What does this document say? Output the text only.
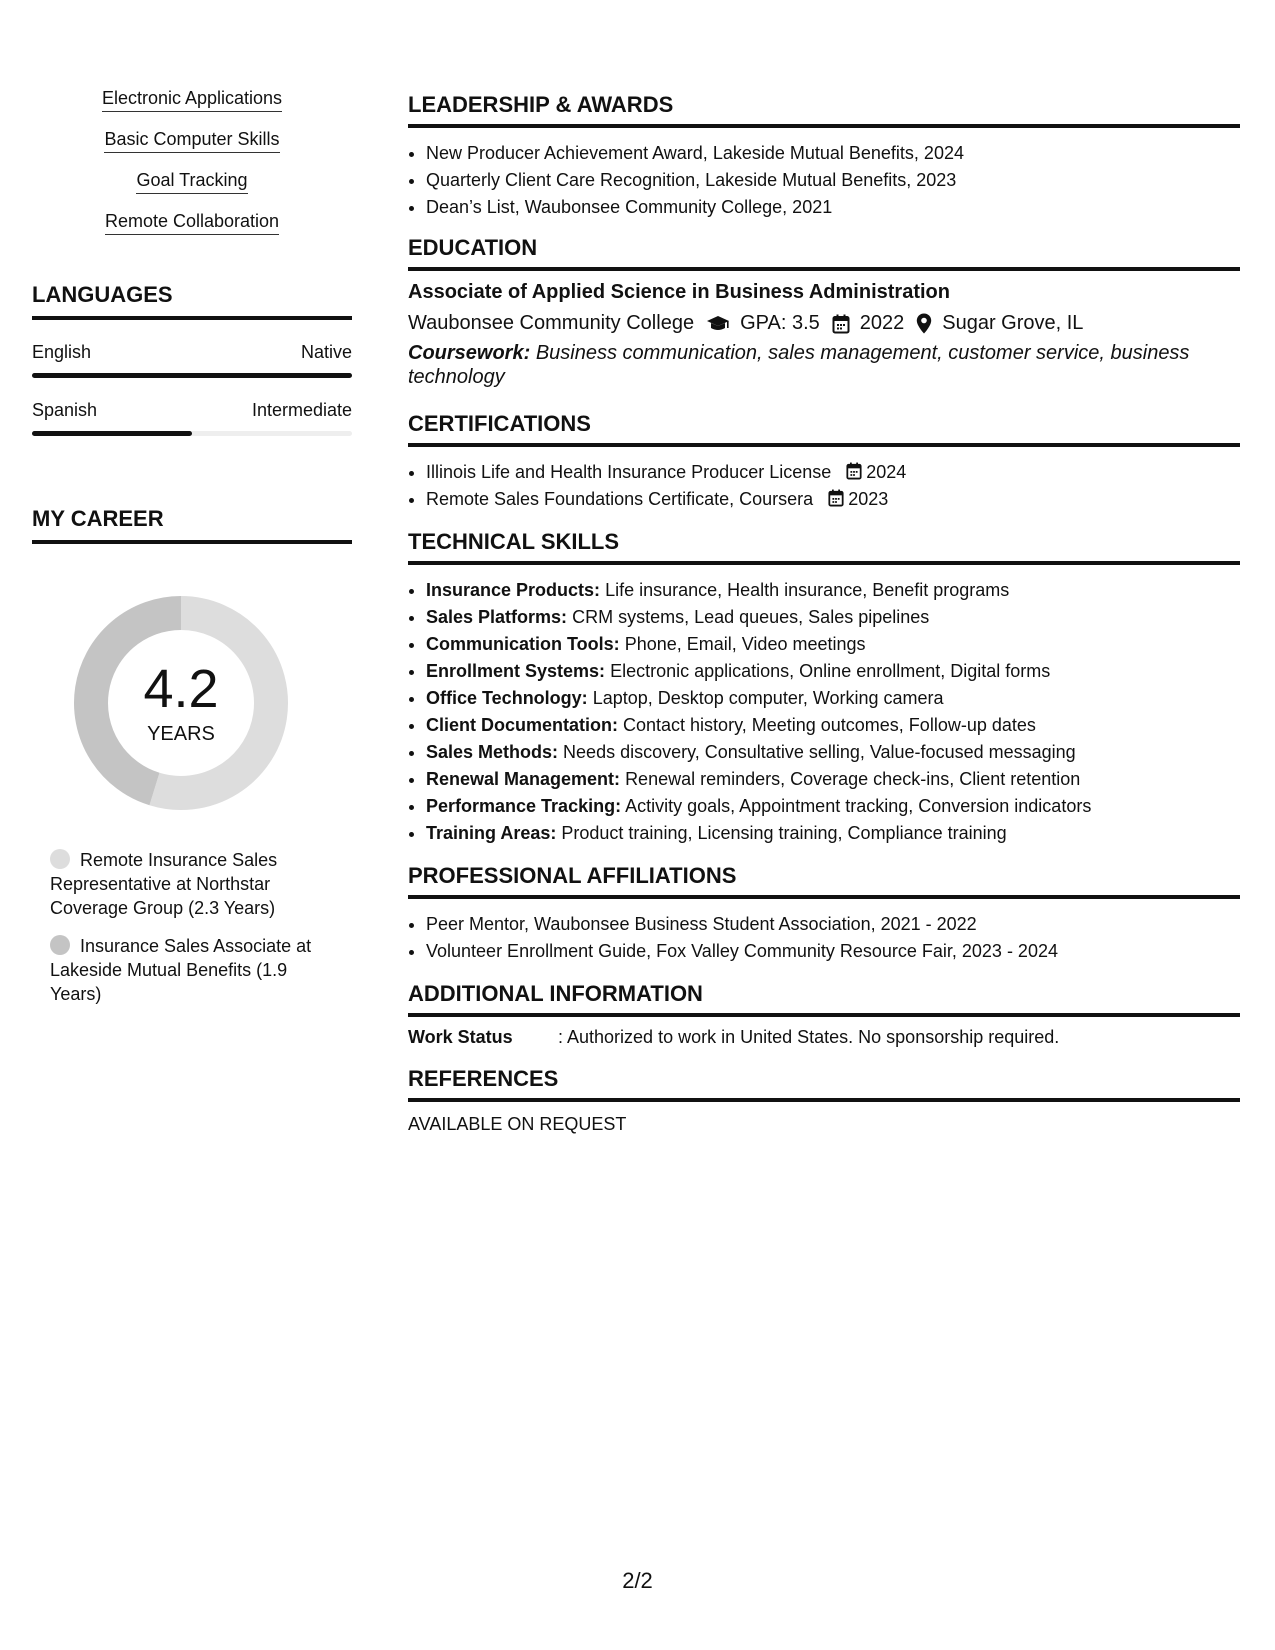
Electronic Applications
Basic Computer Skills
Goal Tracking
Remote Collaboration
LANGUAGES
English	Native
Spanish	Intermediate
MY CAREER
4.2
YEARS
Remote Insurance Sales Representative at Northstar Coverage Group (2.3 Years)
Insurance Sales Associate at Lakeside Mutual Benefits (1.9 Years)
LEADERSHIP & AWARDS
• New Producer Achievement Award, Lakeside Mutual Benefits, 2024
• Quarterly Client Care Recognition, Lakeside Mutual Benefits, 2023
• Dean’s List, Waubonsee Community College, 2021
EDUCATION
Associate of Applied Science in Business Administration
Waubonsee Community College GPA: 3.5 2022 Sugar Grove, IL
Coursework: Business communication, sales management, customer service, business technology
CERTIFICATIONS
• Illinois Life and Health Insurance Producer License 2024
• Remote Sales Foundations Certificate, Coursera 2023
TECHNICAL SKILLS
• Insurance Products: Life insurance, Health insurance, Benefit programs
• Sales Platforms: CRM systems, Lead queues, Sales pipelines
• Communication Tools: Phone, Email, Video meetings
• Enrollment Systems: Electronic applications, Online enrollment, Digital forms
• Office Technology: Laptop, Desktop computer, Working camera
• Client Documentation: Contact history, Meeting outcomes, Follow-up dates
• Sales Methods: Needs discovery, Consultative selling, Value-focused messaging
• Renewal Management: Renewal reminders, Coverage check-ins, Client retention
• Performance Tracking: Activity goals, Appointment tracking, Conversion indicators
• Training Areas: Product training, Licensing training, Compliance training
PROFESSIONAL AFFILIATIONS
• Peer Mentor, Waubonsee Business Student Association, 2021 - 2022
• Volunteer Enrollment Guide, Fox Valley Community Resource Fair, 2023 - 2024
ADDITIONAL INFORMATION
Work Status	: Authorized to work in United States. No sponsorship required.
REFERENCES
AVAILABLE ON REQUEST
2/2
